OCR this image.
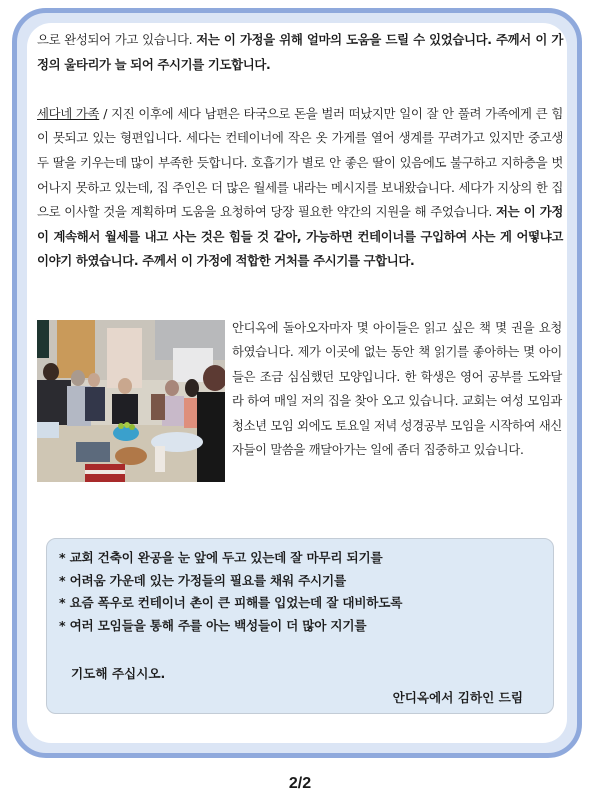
으로 완성되어 가고 있습니다. 저는 이 가정을 위해 얼마의 도움을 드릴 수 있었습니다. 주께서 이 가정의 울타리가 늘 되어 주시기를 기도합니다.

세다네 가족 / 지진 이후에 세다 남편은 타국으로 돈을 벌러 떠났지만 일이 잘 안 풀려 가족에게 큰 힘이 못되고 있는 형편입니다. 세다는 컨테이너에 작은 옷 가게를 열어 생계를 꾸려가고 있지만 중고생 두 딸을 키우는데 많이 부족한 듯합니다. 호흡기가 별로 안 좋은 딸이 있음에도 불구하고 지하층을 벗어나지 못하고 있는데, 집 주인은 더 많은 월세를 내라는 메시지를 보내왔습니다. 세다가 지상의 한 집으로 이사할 것을 계획하며 도움을 요청하여 당장 필요한 약간의 지원을 해 주었습니다. 저는 이 가정이 계속해서 월세를 내고 사는 것은 힘들 것 같아, 가능하면 컨테이너를 구입하여 사는 게 어떻냐고 이야기 하였습니다. 주께서 이 가정에 적합한 거처를 주시기를 구합니다.

안디옥에 돌아오자마자 몇 아이들은 읽고 싶은 책 몇 권을 요청하였습니다. 제가 이곳에 없는 동안 책 읽기를 좋아하는 몇 아이들은 조금 심심했던 모양입니다. 한 학생은 영어 공부를 도와달라 하여 매일 저의 집을 찾아 오고 있습니다. 교회는 여성 모임과 청소년 모임 외에도 토요일 저녁 성경공부 모임을 시작하여 새신자들이 말씀을 깨달아가는 일에 좀더 집중하고 있습니다.

* 교회 건축이 완공을 눈 앞에 두고 있는데 잘 마무리 되기를
* 어려움 가운데 있는 가정들의 필요를 채워 주시기를
* 요즘 폭우로 컨테이너 촌이 큰 피해를 입었는데 잘 대비하도록
* 여러 모임들을 통해 주를 아는 백성들이 더 많아 지기를
기도해 주십시오.
안디옥에서 김하인 드림
2/2
